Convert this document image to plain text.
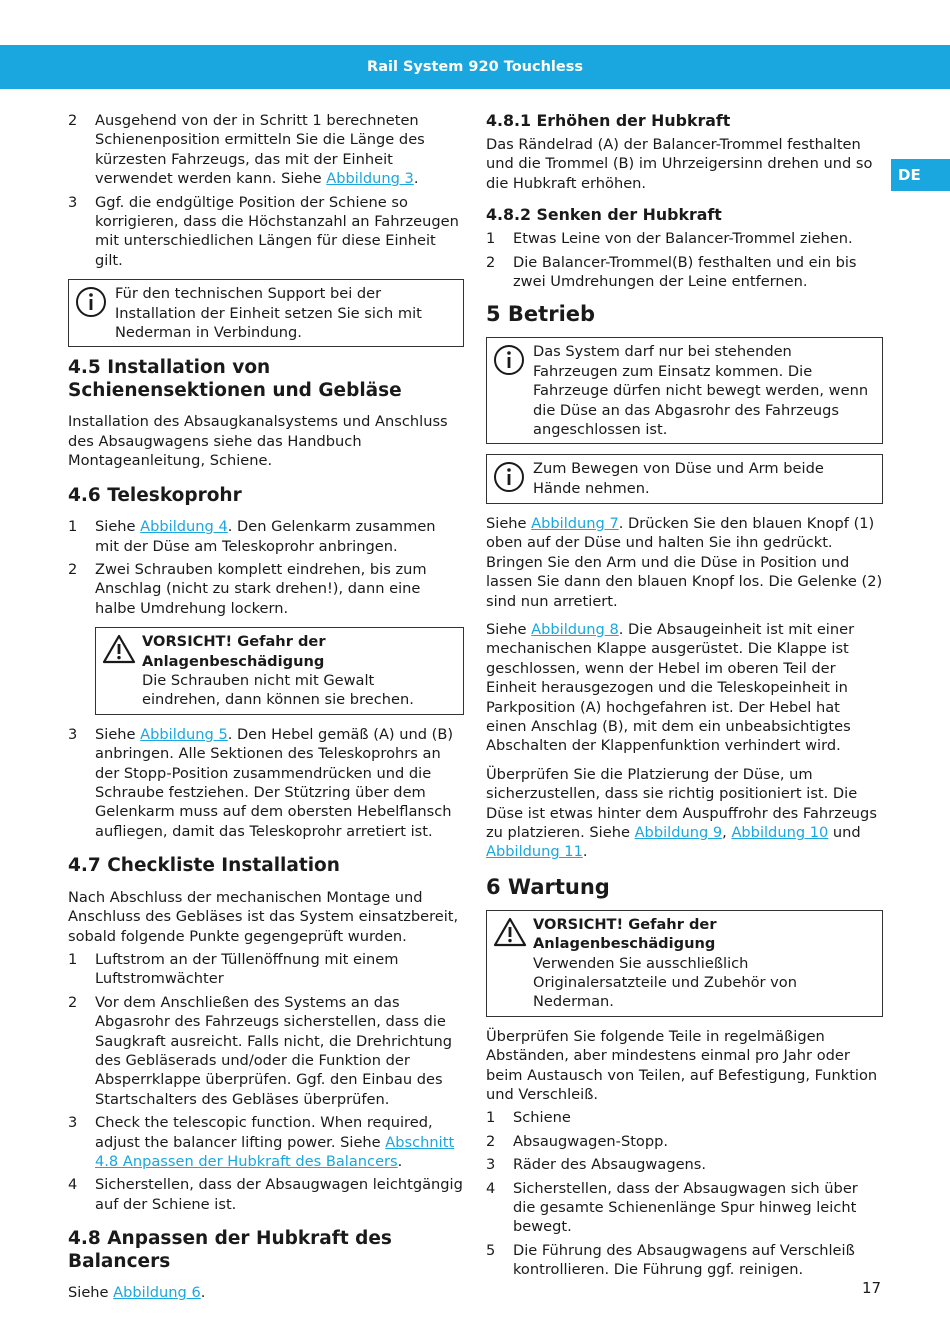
Rail System 920 Touchless
DE
2	Ausgehend von der in Schritt 1 berechneten Schienenposition ermitteln Sie die Länge des kürzesten Fahrzeugs, das mit der Einheit verwendet werden kann. Siehe Abbildung 3.
3	Ggf. die endgültige Position der Schiene so korrigieren, dass die Höchstanzahl an Fahrzeugen mit unterschiedlichen Längen für diese Einheit gilt.
Für den technischen Support bei der Installation der Einheit setzen Sie sich mit Nederman in Verbindung.
4.5 Installation von Schienensektionen und Gebläse

Installation des Absaugkanalsystems und Anschluss des Absaugwagens siehe das Handbuch Montageanleitung, Schiene.

4.6 Teleskoprohr
1	Siehe Abbildung 4. Den Gelenkarm zusammen mit der Düse am Teleskoprohr anbringen.
2	Zwei Schrauben komplett eindrehen, bis zum Anschlag (nicht zu stark drehen!), dann eine halbe Umdrehung lockern.
VORSICHT! Gefahr der Anlagenbeschädigung
Die Schrauben nicht mit Gewalt eindrehen, dann können sie brechen.
3	Siehe Abbildung 5. Den Hebel gemäß (A) und (B) anbringen. Alle Sektionen des Teleskoprohrs an der Stopp-Position zusammendrücken und die Schraube festziehen. Der Stützring über dem Gelenkarm muss auf dem obersten Hebelflansch aufliegen, damit das Teleskoprohr arretiert ist.
4.7 Checkliste Installation

Nach Abschluss der mechanischen Montage und Anschluss des Gebläses ist das System einsatzbereit, sobald folgende Punkte gegengeprüft wurden.

1	Luftstrom an der Tüllenöffnung mit einem Luftstromwächter
2	Vor dem Anschließen des Systems an das Abgasrohr des Fahrzeugs sicherstellen, dass die Saugkraft ausreicht. Falls nicht, die Drehrichtung des Gebläserads und/oder die Funktion der Absperrklappe überprüfen. Ggf. den Einbau des Startschalters des Gebläses überprüfen.
3	Check the telescopic function. When required, adjust the balancer lifting power. Siehe Abschnitt 4.8 Anpassen der Hubkraft des Balancers.
4	Sicherstellen, dass der Absaugwagen leichtgängig auf der Schiene ist.
4.8 Anpassen der Hubkraft des Balancers

Siehe Abbildung 6.

4.8.1 Erhöhen der Hubkraft

Das Rändelrad (A) der Balancer-Trommel festhalten und die Trommel (B) im Uhrzeigersinn drehen und so die Hubkraft erhöhen.

4.8.2 Senken der Hubkraft
1	Etwas Leine von der Balancer-Trommel ziehen.
2	Die Balancer-Trommel(B) festhalten und ein bis zwei Umdrehungen der Leine entfernen.
5 Betrieb
Das System darf nur bei stehenden Fahrzeugen zum Einsatz kommen. Die Fahrzeuge dürfen nicht bewegt werden, wenn die Düse an das Abgasrohr des Fahrzeugs angeschlossen ist.
Zum Bewegen von Düse und Arm beide Hände nehmen.

Siehe Abbildung 7. Drücken Sie den blauen Knopf (1) oben auf der Düse und halten Sie ihn gedrückt. Bringen Sie den Arm und die Düse in Position und lassen Sie dann den blauen Knopf los. Die Gelenke (2) sind nun arretiert.

Siehe Abbildung 8. Die Absaugeinheit ist mit einer mechanischen Klappe ausgerüstet. Die Klappe ist geschlossen, wenn der Hebel im oberen Teil der Einheit herausgezogen und die Teleskopeinheit in Parkposition (A) hochgefahren ist. Der Hebel hat einen Anschlag (B), mit dem ein unbeabsichtigtes Abschalten der Klappenfunktion verhindert wird.

Überprüfen Sie die Platzierung der Düse, um sicherzustellen, dass sie richtig positioniert ist. Die Düse ist etwas hinter dem Auspuffrohr des Fahrzeugs zu platzieren. Siehe Abbildung 9, Abbildung 10 und Abbildung 11.

6 Wartung
VORSICHT! Gefahr der Anlagenbeschädigung
Verwenden Sie ausschließlich Originalersatzteile und Zubehör von Nederman.

Überprüfen Sie folgende Teile in regelmäßigen Abständen, aber mindestens einmal pro Jahr oder beim Austausch von Teilen, auf Befestigung, Funktion und Verschleiß.

1	Schiene
2	Absaugwagen-Stopp.
3	Räder des Absaugwagens.
4	Sicherstellen, dass der Absaugwagen sich über die gesamte Schienenlänge Spur hinweg leicht bewegt.
5	Die Führung des Absaugwagens auf Verschleiß kontrollieren. Die Führung ggf. reinigen.
17
